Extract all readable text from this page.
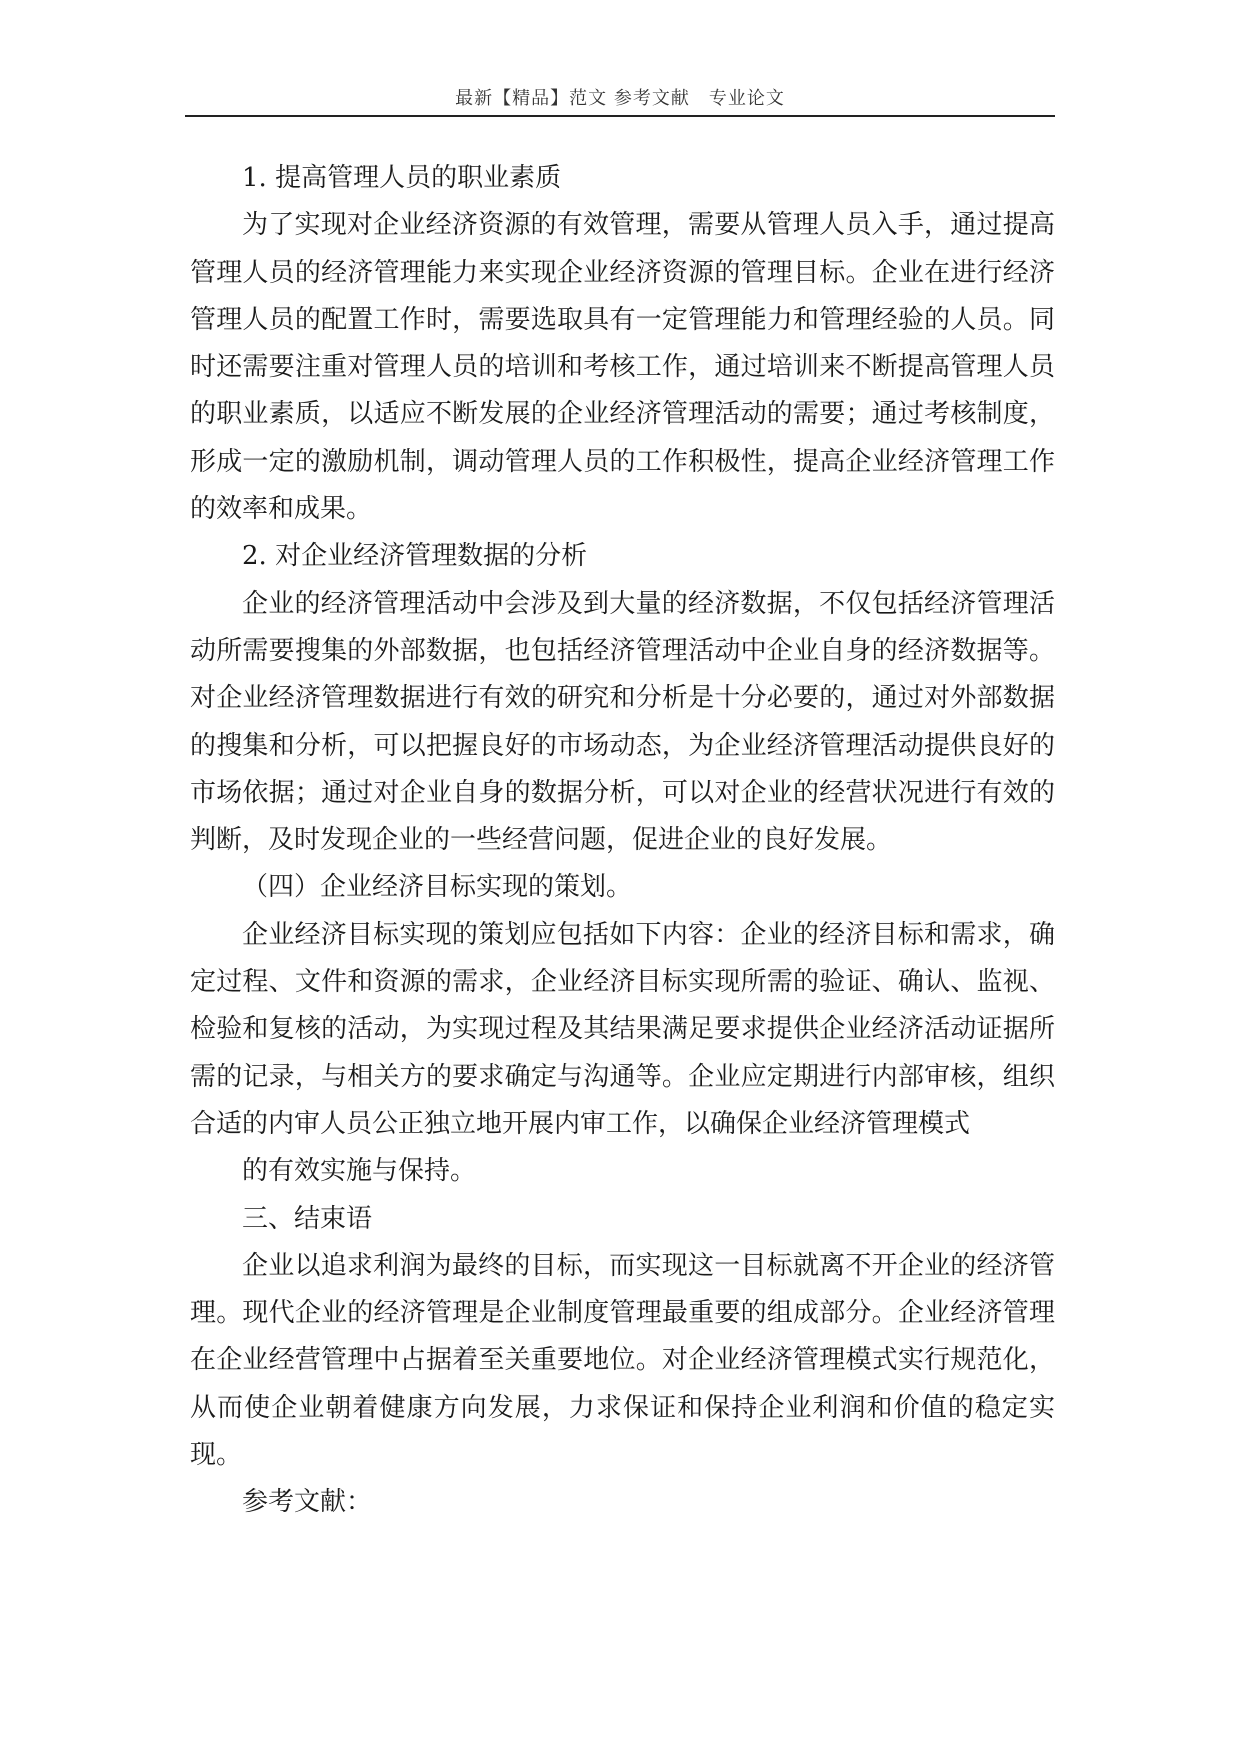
最新【精品】范文 参考文献　专业论文

1. 提高管理人员的职业素质

为了实现对企业经济资源的有效管理，需要从管理人员入手，通过提高管理人员的经济管理能力来实现企业经济资源的管理目标。企业在进行经济管理人员的配置工作时，需要选取具有一定管理能力和管理经验的人员。同时还需要注重对管理人员的培训和考核工作，通过培训来不断提高管理人员的职业素质，以适应不断发展的企业经济管理活动的需要；通过考核制度，形成一定的激励机制，调动管理人员的工作积极性，提高企业经济管理工作的效率和成果。

2. 对企业经济管理数据的分析

企业的经济管理活动中会涉及到大量的经济数据，不仅包括经济管理活动所需要搜集的外部数据，也包括经济管理活动中企业自身的经济数据等。对企业经济管理数据进行有效的研究和分析是十分必要的，通过对外部数据的搜集和分析，可以把握良好的市场动态，为企业经济管理活动提供良好的市场依据；通过对企业自身的数据分析，可以对企业的经营状况进行有效的判断，及时发现企业的一些经营问题，促进企业的良好发展。

（四）企业经济目标实现的策划。

企业经济目标实现的策划应包括如下内容：企业的经济目标和需求，确定过程、文件和资源的需求，企业经济目标实现所需的验证、确认、监视、检验和复核的活动，为实现过程及其结果满足要求提供企业经济活动证据所需的记录，与相关方的要求确定与沟通等。企业应定期进行内部审核，组织合适的内审人员公正独立地开展内审工作，以确保企业经济管理模式

的有效实施与保持。

三、结束语

企业以追求利润为最终的目标，而实现这一目标就离不开企业的经济管理。现代企业的经济管理是企业制度管理最重要的组成部分。企业经济管理在企业经营管理中占据着至关重要地位。对企业经济管理模式实行规范化，从而使企业朝着健康方向发展，力求保证和保持企业利润和价值的稳定实现。

参考文献：
